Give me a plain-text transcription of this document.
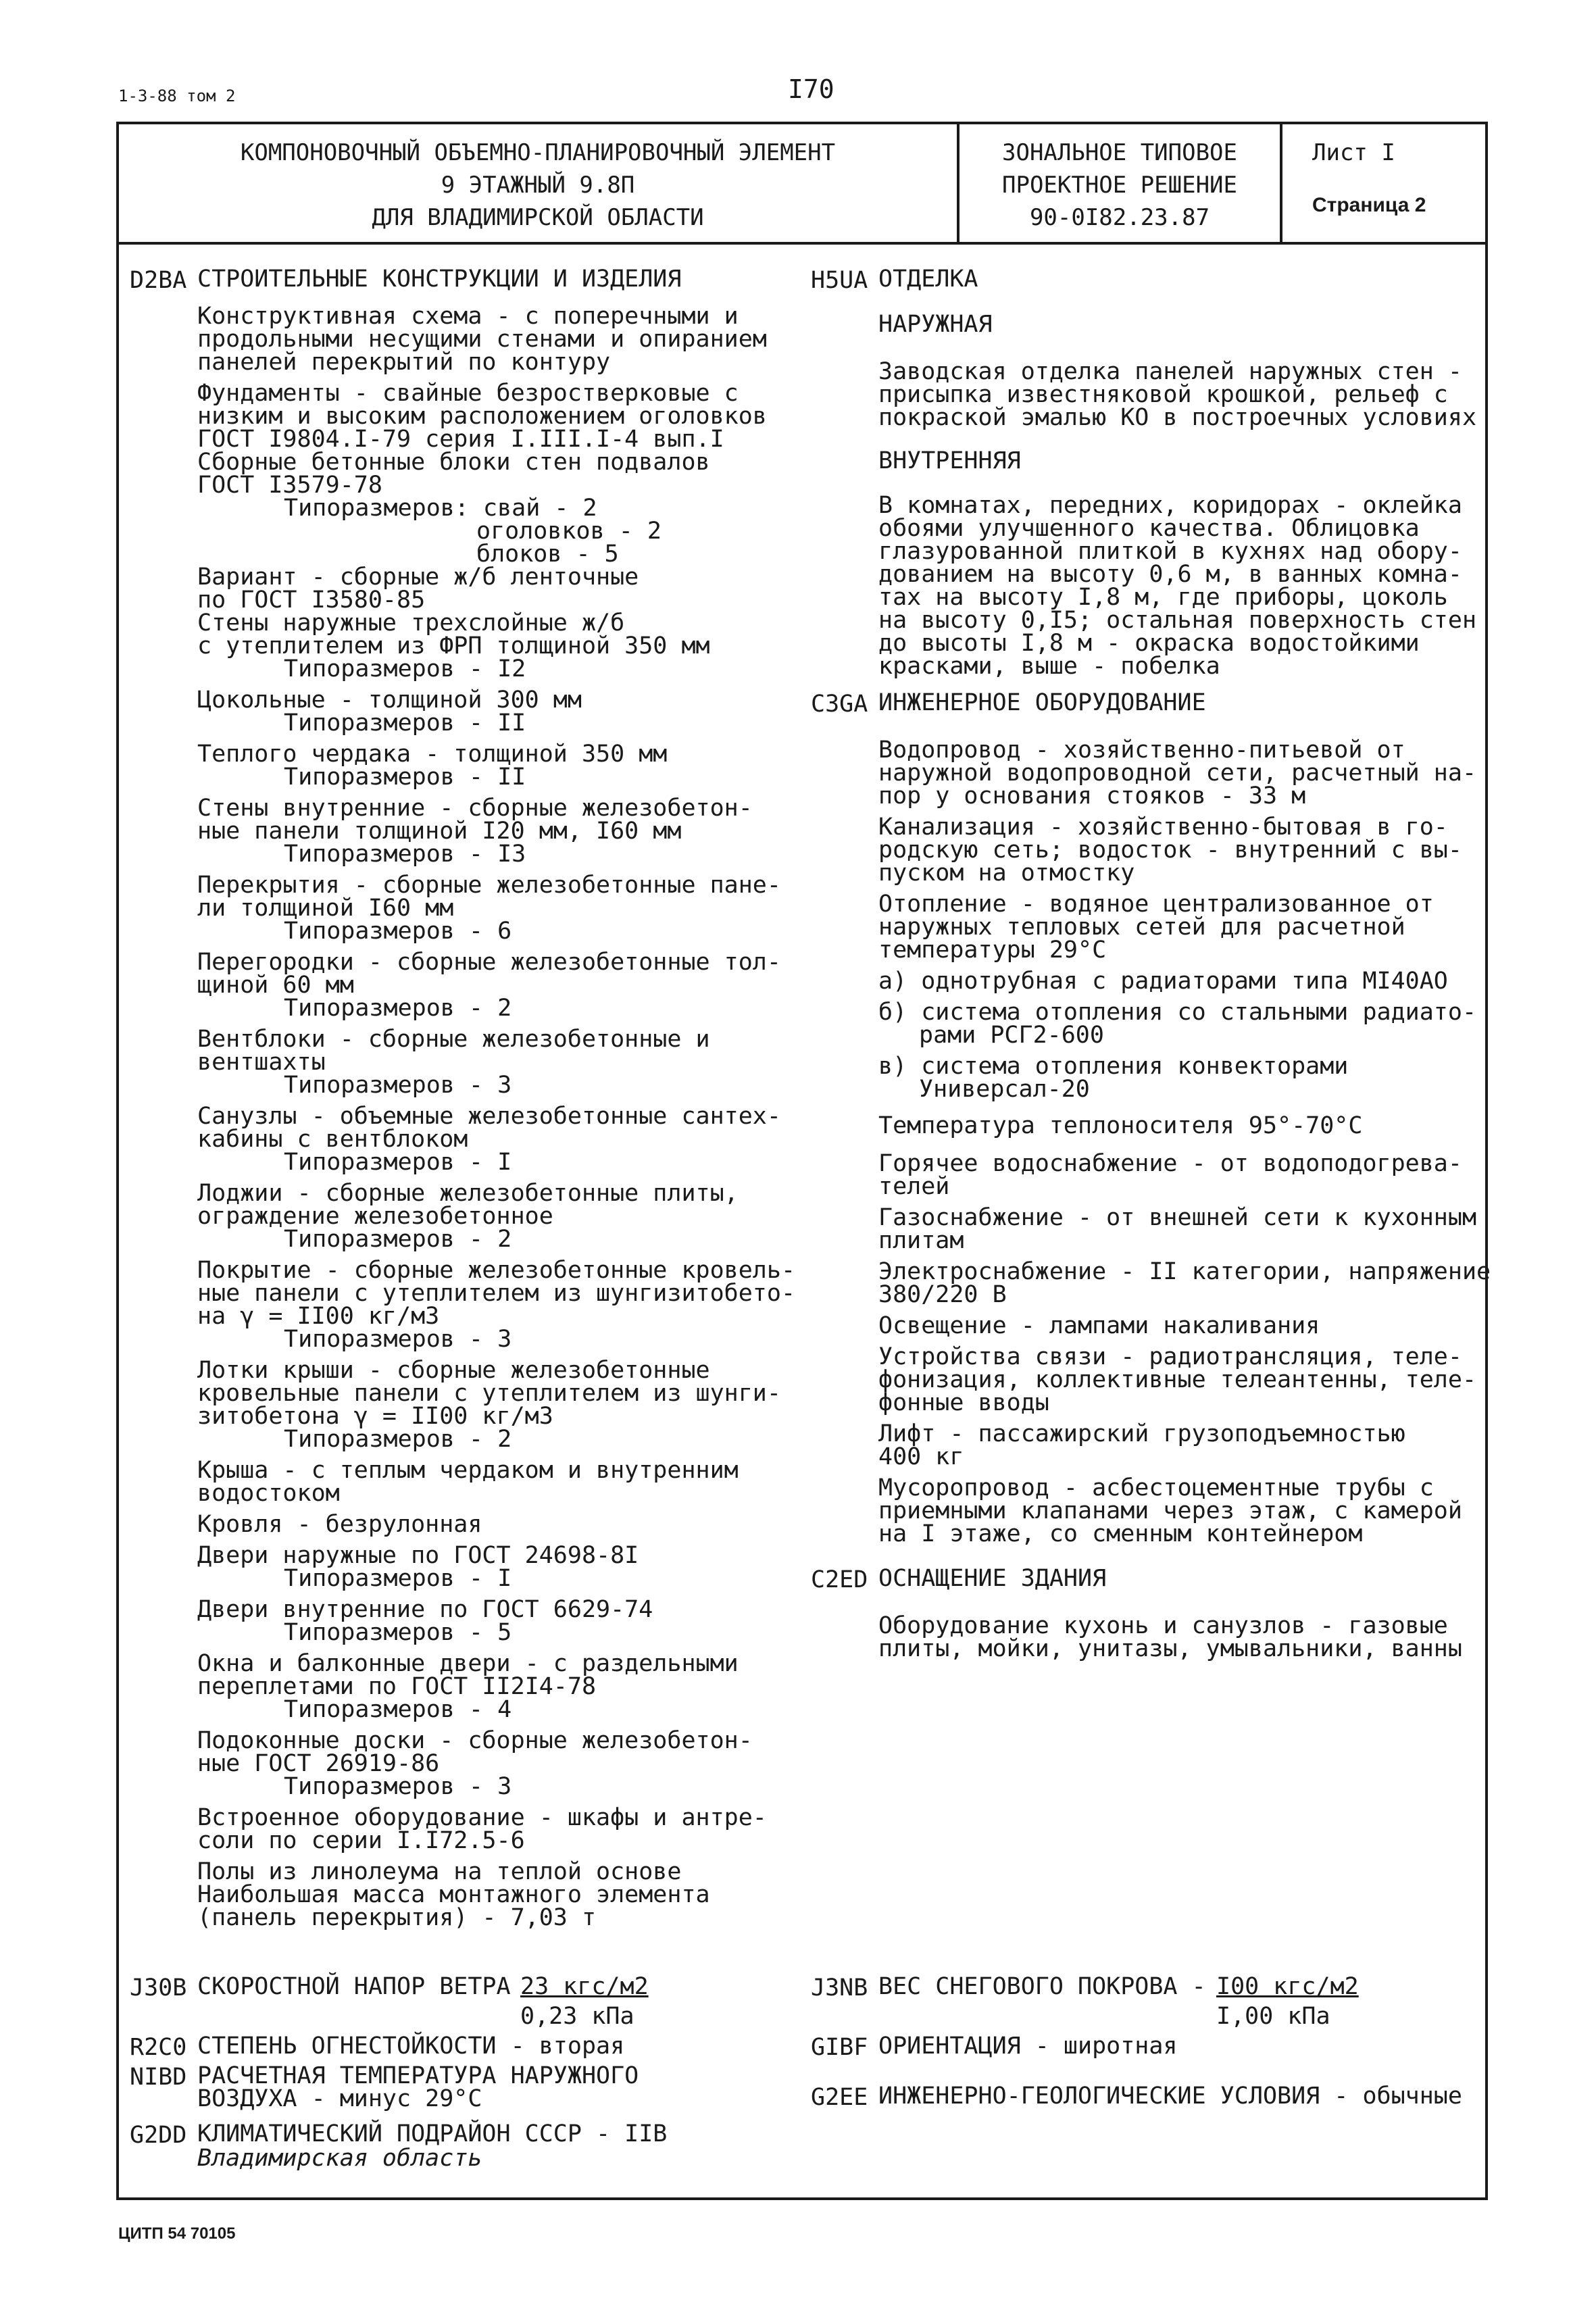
1-3-88 том 2	I70
КОМПОНОВОЧНЫЙ ОБЪЕМНО-ПЛАНИРОВОЧНЫЙ ЭЛЕМЕНТ
9 ЭТАЖНЫЙ 9.8П
ДЛЯ ВЛАДИМИРСКОЙ ОБЛАСТИ
ЗОНАЛЬНОЕ ТИПОВОЕ
ПРОЕКТНОЕ РЕШЕНИЕ
90-0I82.23.87
Лист I
Страница 2
D2BA СТРОИТЕЛЬНЫЕ КОНСТРУКЦИИ И ИЗДЕЛИЯ
Конструктивная схема - с поперечными и
продольными несущими стенами и опиранием
панелей перекрытий по контуру
Фундаменты - свайные безростверковые с
низким и высоким расположением оголовков
ГОСТ I9804.I-79 серия I.III.I-4 вып.I
Сборные бетонные блоки стен подвалов
ГОСТ I3579-78
Типоразмеров: свай - 2
оголовков - 2
блоков - 5
Вариант - сборные ж/б ленточные
по ГОСТ I3580-85
Стены наружные трехслойные ж/б
с утеплителем из ФРП толщиной 350 мм
Типоразмеров - I2
Цокольные - толщиной 300 мм
Типоразмеров - II
Теплого чердака - толщиной 350 мм
Типоразмеров - II
Стены внутренние - сборные железобетон-
ные панели толщиной I20 мм, I60 мм
Типоразмеров - I3
Перекрытия - сборные железобетонные пане-
ли толщиной I60 мм
Типоразмеров - 6
Перегородки - сборные железобетонные тол-
щиной 60 мм
Типоразмеров - 2
Вентблоки - сборные железобетонные и
вентшахты
Типоразмеров - 3
Санузлы - объемные железобетонные сантех-
кабины с вентблоком
Типоразмеров - I
Лоджии - сборные железобетонные плиты,
ограждение железобетонное
Типоразмеров - 2
Покрытие - сборные железобетонные кровель-
ные панели с утеплителем из шунгизитобето-
на γ = II00 кг/м3
Типоразмеров - 3
Лотки крыши - сборные железобетонные
кровельные панели с утеплителем из шунги-
зитобетона γ = II00 кг/м3
Типоразмеров - 2
Крыша - с теплым чердаком и внутренним
водостоком
Кровля - безрулонная
Двери наружные по ГОСТ 24698-8I
Типоразмеров - I
Двери внутренние по ГОСТ 6629-74
Типоразмеров - 5
Окна и балконные двери - с раздельными
переплетами по ГОСТ II2I4-78
Типоразмеров - 4
Подоконные доски - сборные железобетон-
ные ГОСТ 26919-86
Типоразмеров - 3
Встроенное оборудование - шкафы и антре-
соли по серии I.I72.5-6
Полы из линолеума на теплой основе
Наибольшая масса монтажного элемента
(панель перекрытия) - 7,03 т
H5UA ОТДЕЛКА
НАРУЖНАЯ
Заводская отделка панелей наружных стен -
присыпка известняковой крошкой, рельеф с
покраской эмалью КО в построечных условиях
ВНУТРЕННЯЯ
В комнатах, передних, коридорах - оклейка
обоями улучшенного качества. Облицовка
глазурованной плиткой в кухнях над обору-
дованием на высоту 0,6 м, в ванных комна-
тах на высоту I,8 м, где приборы, цоколь
на высоту 0,I5; остальная поверхность стен
до высоты I,8 м - окраска водостойкими
красками, выше - побелка
C3GA ИНЖЕНЕРНОЕ ОБОРУДОВАНИЕ
Водопровод - хозяйственно-питьевой от
наружной водопроводной сети, расчетный на-
пор у основания стояков - 33 м
Канализация - хозяйственно-бытовая в го-
родскую сеть; водосток - внутренний с вы-
пуском на отмостку
Отопление - водяное централизованное от
наружных тепловых сетей для расчетной
температуры 29°C
а) однотрубная с радиаторами типа МI40АО
б) система отопления со стальными радиато-
рами РСГ2-600
в) система отопления конвекторами
Универсал-20
Температура теплоносителя 95°-70°C
Горячее водоснабжение - от водоподогрева-
телей
Газоснабжение - от внешней сети к кухонным
плитам
Электроснабжение - II категории, напряжение
380/220 В
Освещение - лампами накаливания
Устройства связи - радиотрансляция, теле-
фонизация, коллективные телеантенны, теле-
фонные вводы
Лифт - пассажирский грузоподъемностью
400 кг
Мусоропровод - асбестоцементные трубы с
приемными клапанами через этаж, с камерой
на I этаже, со сменным контейнером
C2ED ОСНАЩЕНИЕ ЗДАНИЯ
Оборудование кухонь и санузлов - газовые
плиты, мойки, унитазы, умывальники, ванны
J30B СКОРОСТНОЙ НАПОР ВЕТРА 23 кгс/м2
0,23 кПа
R2C0 СТЕПЕНЬ ОГНЕСТОЙКОСТИ - вторая
NIBD РАСЧЕТНАЯ ТЕМПЕРАТУРА НАРУЖНОГО
ВОЗДУХА - минус 29°C
G2DD КЛИМАТИЧЕСКИЙ ПОДРАЙОН СССР - IIВ
Владимирская область
J3NB ВЕС СНЕГОВОГО ПОКРОВА - I00 кгс/м2
I,00 кПа
GIBF ОРИЕНТАЦИЯ - широтная
G2EE ИНЖЕНЕРНО-ГЕОЛОГИЧЕСКИЕ УСЛОВИЯ - обычные
ЦИТП 54 70105
